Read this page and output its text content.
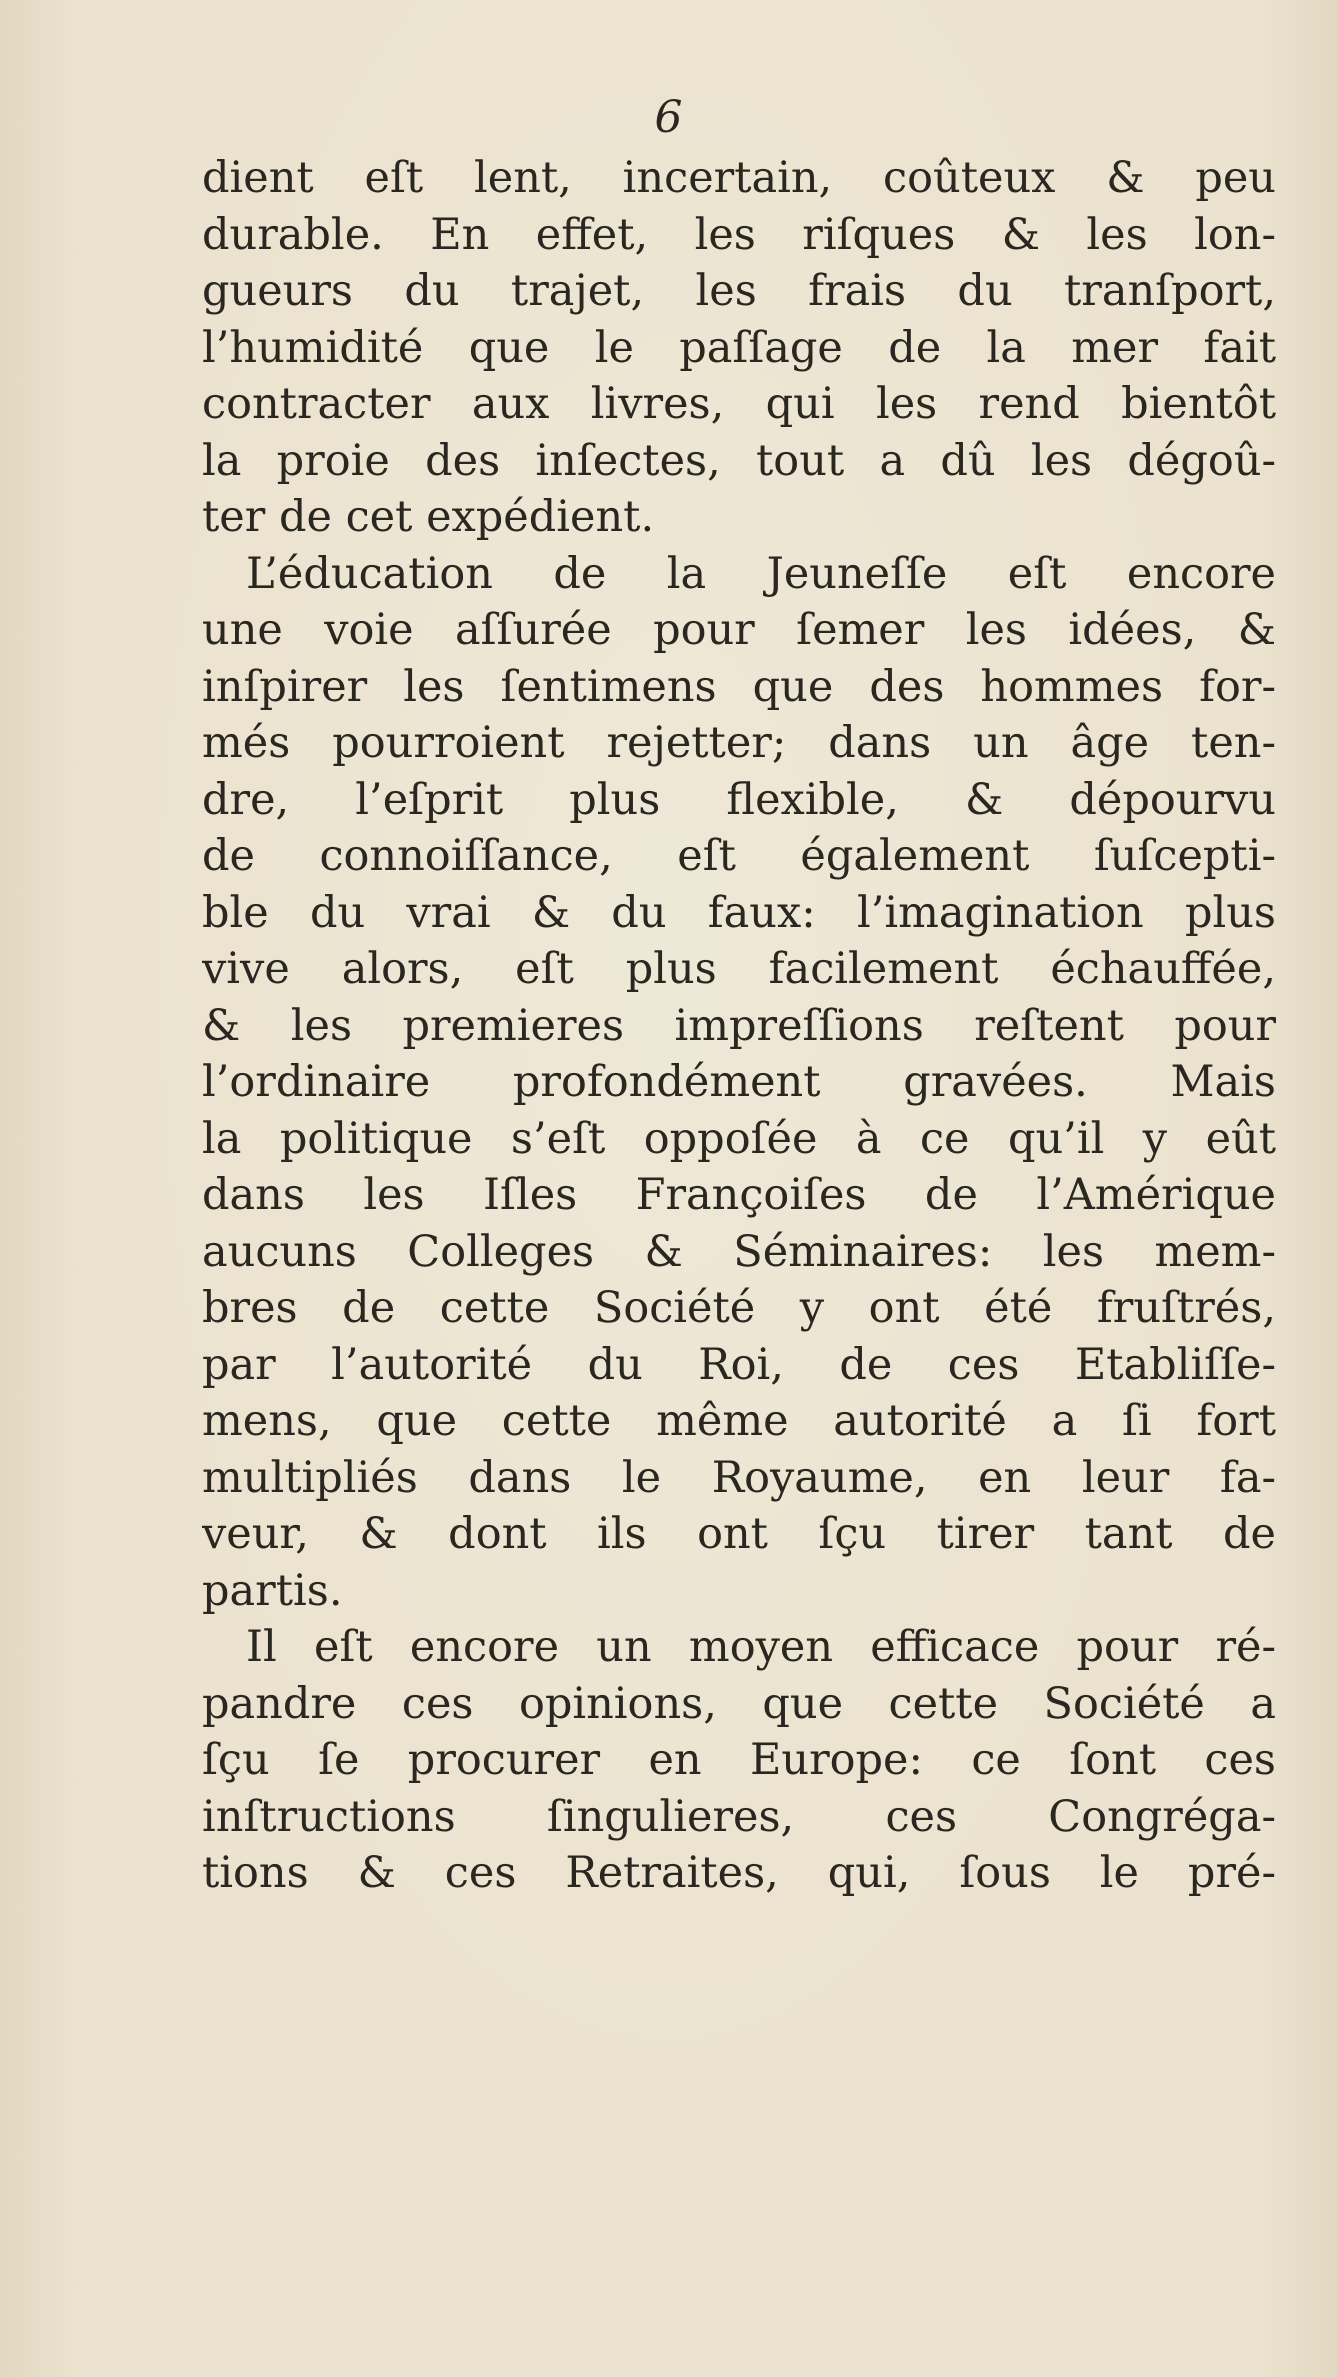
6
dient eſt lent, incertain, coûteux & peu
durable. En effet, les riſques & les lon-
gueurs du trajet, les frais du tranſport,
l’humidité que le paſſage de la mer fait
contracter aux livres, qui les rend bientôt
la proie des inſectes, tout a dû les dégoû-
ter de cet expédient.
L’éducation de la Jeuneſſe eſt encore
une voie aſſurée pour ſemer les idées, &
inſpirer les ſentimens que des hommes for-
més pourroient rejetter; dans un âge ten-
dre, l’eſprit plus flexible, & dépourvu
de connoiſſance, eſt également ſuſcepti-
ble du vrai & du faux: l’imagination plus
vive alors, eſt plus facilement échauffée,
& les premieres impreſſions reſtent pour
l’ordinaire profondément gravées. Mais
la politique s’eſt oppoſée à ce qu’il y eût
dans les Iſles Françoiſes de l’Amérique
aucuns Colleges & Séminaires: les mem-
bres de cette Société y ont été fruſtrés,
par l’autorité du Roi, de ces Etabliſſe-
mens, que cette même autorité a ſi fort
multipliés dans le Royaume, en leur fa-
veur, & dont ils ont ſçu tirer tant de
partis.
Il eſt encore un moyen efficace pour ré-
pandre ces opinions, que cette Société a
ſçu ſe procurer en Europe: ce ſont ces
inſtructions ſingulieres, ces Congréga-
tions & ces Retraites, qui, ſous le pré-
